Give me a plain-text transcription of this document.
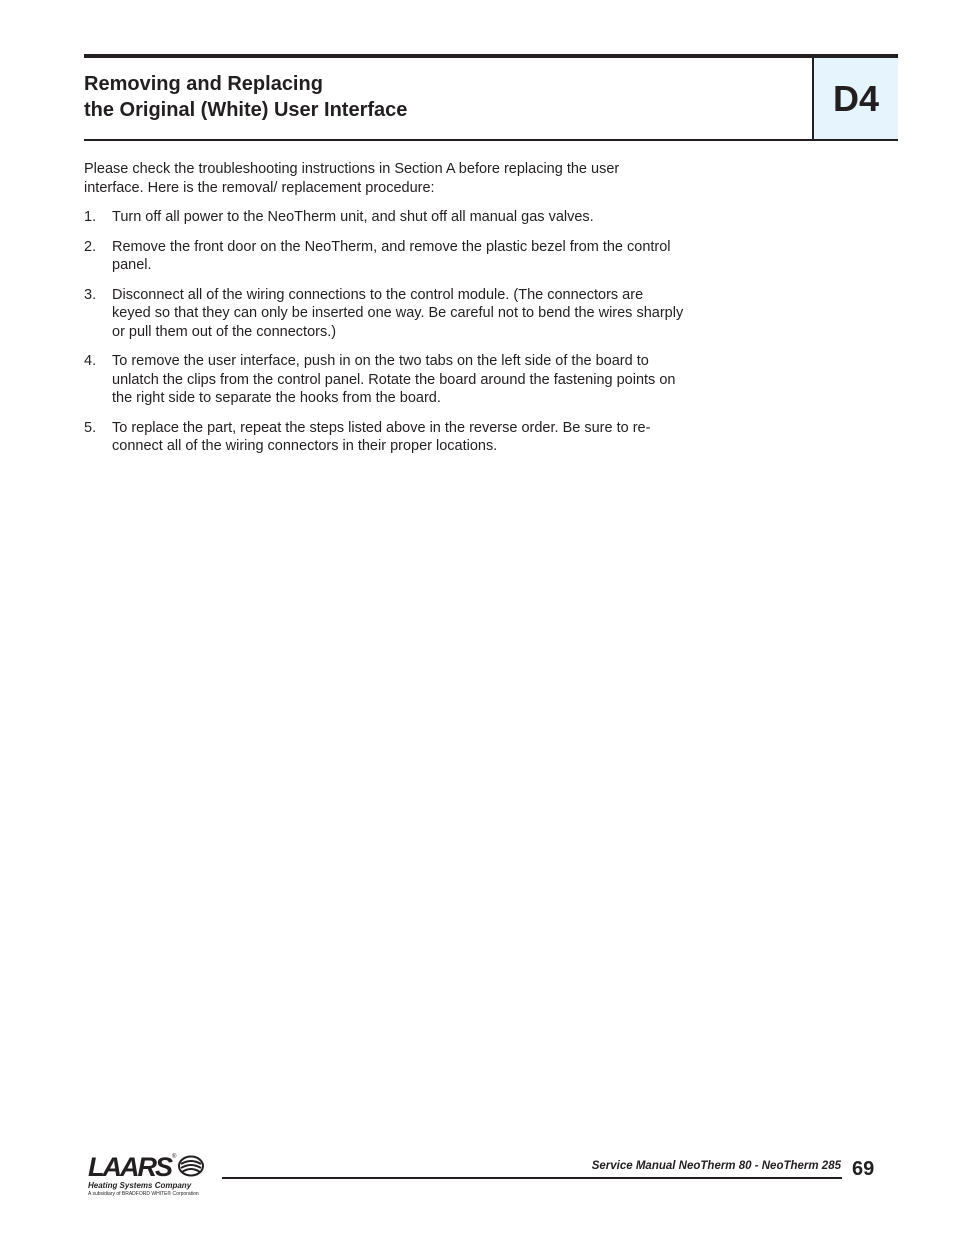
Removing and Replacing
the Original (White) User Interface	D4

Please check the troubleshooting instructions in Section A before replacing the user
interface. Here is the removal/ replacement procedure:

1.	Turn off all power to the NeoTherm unit, and shut off all manual gas valves.
2.	Remove the front door on the NeoTherm, and remove the plastic bezel from the control panel.
3.	Disconnect all of the wiring connections to the control module. (The connectors are keyed so that they can only be inserted one way. Be careful not to bend the wires sharply or pull them out of the connectors.)
4.	To remove the user interface, push in on the two tabs on the left side of the board to unlatch the clips from the control panel. Rotate the board around the fastening points on the right side to separate the hooks from the board.
5.	To replace the part, repeat the steps listed above in the reverse order. Be sure to re-connect all of the wiring connectors in their proper locations.
LAARS ®
Heating Systems Company
A subsidiary of BRADFORD WHITE® Corporation
Service Manual NeoTherm 80 - NeoTherm 285 69
